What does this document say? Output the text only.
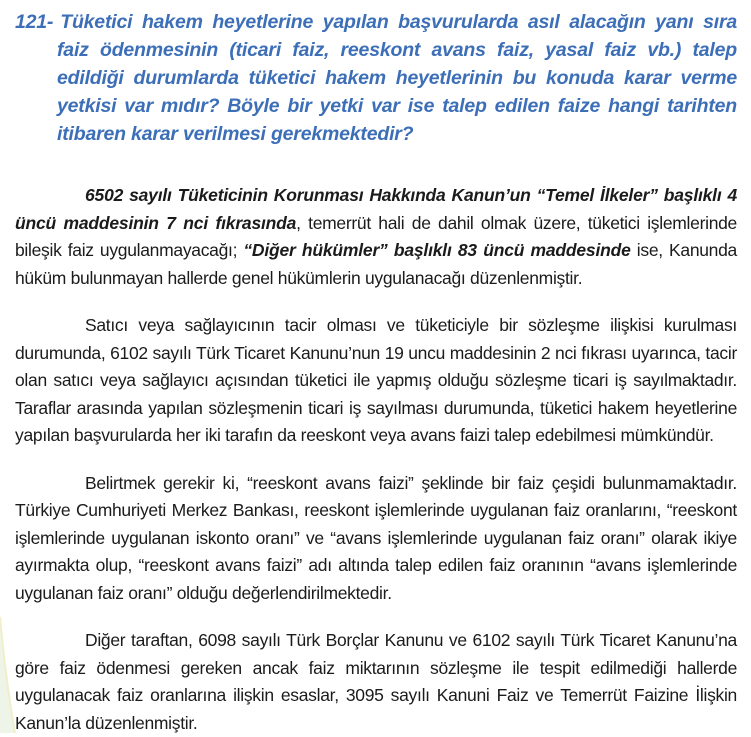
121- Tüketici hakem heyetlerine yapılan başvurularda asıl alacağın yanı sıra faiz ödenmesinin (ticari faiz, reeskont avans faiz, yasal faiz vb.) talep edildiği durumlarda tüketici hakem heyetlerinin bu konuda karar verme yetkisi var mıdır? Böyle bir yetki var ise talep edilen faize hangi tarihten itibaren karar verilmesi gerekmektedir?

6502 sayılı Tüketicinin Korunması Hakkında Kanun’un “Temel İlkeler” başlıklı 4 üncü maddesinin 7 nci fıkrasında, temerrüt hali de dahil olmak üzere, tüketici işlemlerinde bileşik faiz uygulanmayacağı; “Diğer hükümler” başlıklı 83 üncü maddesinde ise, Kanunda hüküm bulunmayan hallerde genel hükümlerin uygulanacağı düzenlenmiştir.

Satıcı veya sağlayıcının tacir olması ve tüketiciyle bir sözleşme ilişkisi kurulması durumunda, 6102 sayılı Türk Ticaret Kanunu’nun 19 uncu maddesinin 2 nci fıkrası uyarınca, tacir olan satıcı veya sağlayıcı açısından tüketici ile yapmış olduğu sözleşme ticari iş sayılmaktadır. Taraflar arasında yapılan sözleşmenin ticari iş sayılması durumunda, tüketici hakem heyetlerine yapılan başvurularda her iki tarafın da reeskont veya avans faizi talep edebilmesi mümkündür.

Belirtmek gerekir ki, “reeskont avans faizi” şeklinde bir faiz çeşidi bulunmamaktadır. Türkiye Cumhuriyeti Merkez Bankası, reeskont işlemlerinde uygulanan faiz oranlarını, “reeskont işlemlerinde uygulanan iskonto oranı” ve “avans işlemlerinde uygulanan faiz oranı” olarak ikiye ayırmakta olup, “reeskont avans faizi” adı altında talep edilen faiz oranının “avans işlemlerinde uygulanan faiz oranı” olduğu değerlendirilmektedir.

Diğer taraftan, 6098 sayılı Türk Borçlar Kanunu ve 6102 sayılı Türk Ticaret Kanunu’na göre faiz ödenmesi gereken ancak faiz miktarının sözleşme ile tespit edilmediği hallerde uygulanacak faiz oranlarına ilişkin esaslar, 3095 sayılı Kanuni Faiz ve Temerrüt Faizine İlişkin Kanun’la düzenlenmiştir.
